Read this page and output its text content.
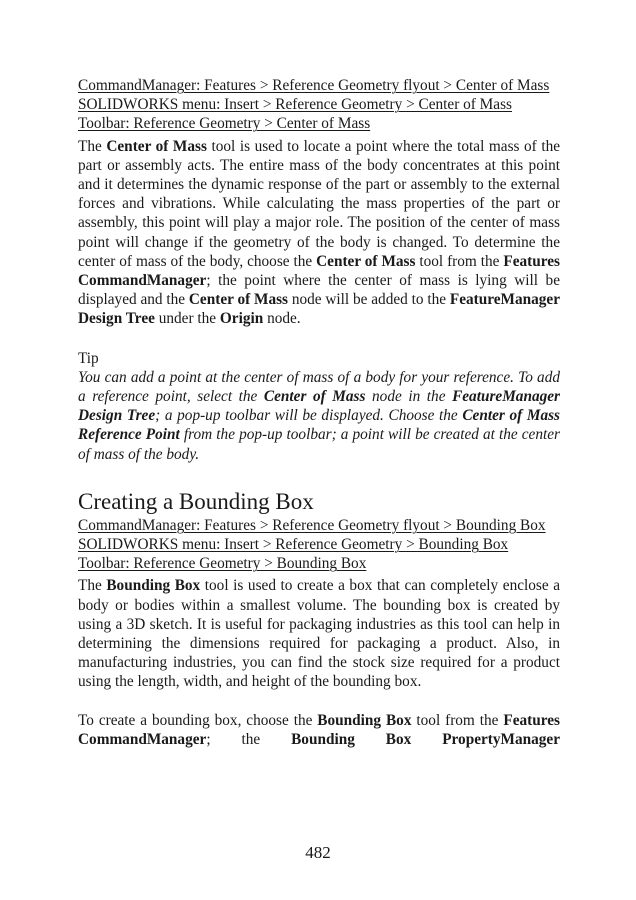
CommandManager: Features > Reference Geometry flyout > Center of Mass
SOLIDWORKS menu: Insert > Reference Geometry > Center of Mass
Toolbar: Reference Geometry > Center of Mass

The Center of Mass tool is used to locate a point where the total mass of the part or assembly acts. The entire mass of the body concentrates at this point and it determines the dynamic response of the part or assembly to the external forces and vibrations. While calculating the mass properties of the part or assembly, this point will play a major role. The position of the center of mass point will change if the geometry of the body is changed. To determine the center of mass of the body, choose the Center of Mass tool from the Features CommandManager; the point where the center of mass is lying will be displayed and the Center of Mass node will be added to the FeatureManager Design Tree under the Origin node.

Tip

You can add a point at the center of mass of a body for your reference. To add a reference point, select the Center of Mass node in the FeatureManager Design Tree; a pop-up toolbar will be displayed. Choose the Center of Mass Reference Point from the pop-up toolbar; a point will be created at the center of mass of the body.

Creating a Bounding Box
CommandManager: Features > Reference Geometry flyout > Bounding Box
SOLIDWORKS menu: Insert > Reference Geometry > Bounding Box
Toolbar: Reference Geometry > Bounding Box

The Bounding Box tool is used to create a box that can completely enclose a body or bodies within a smallest volume. The bounding box is created by using a 3D sketch. It is useful for packaging industries as this tool can help in determining the dimensions required for packaging a product. Also, in manufacturing industries, you can find the stock size required for a product using the length, width, and height of the bounding box.

To create a bounding box, choose the Bounding Box tool from the Features CommandManager; the Bounding Box PropertyManager

482
